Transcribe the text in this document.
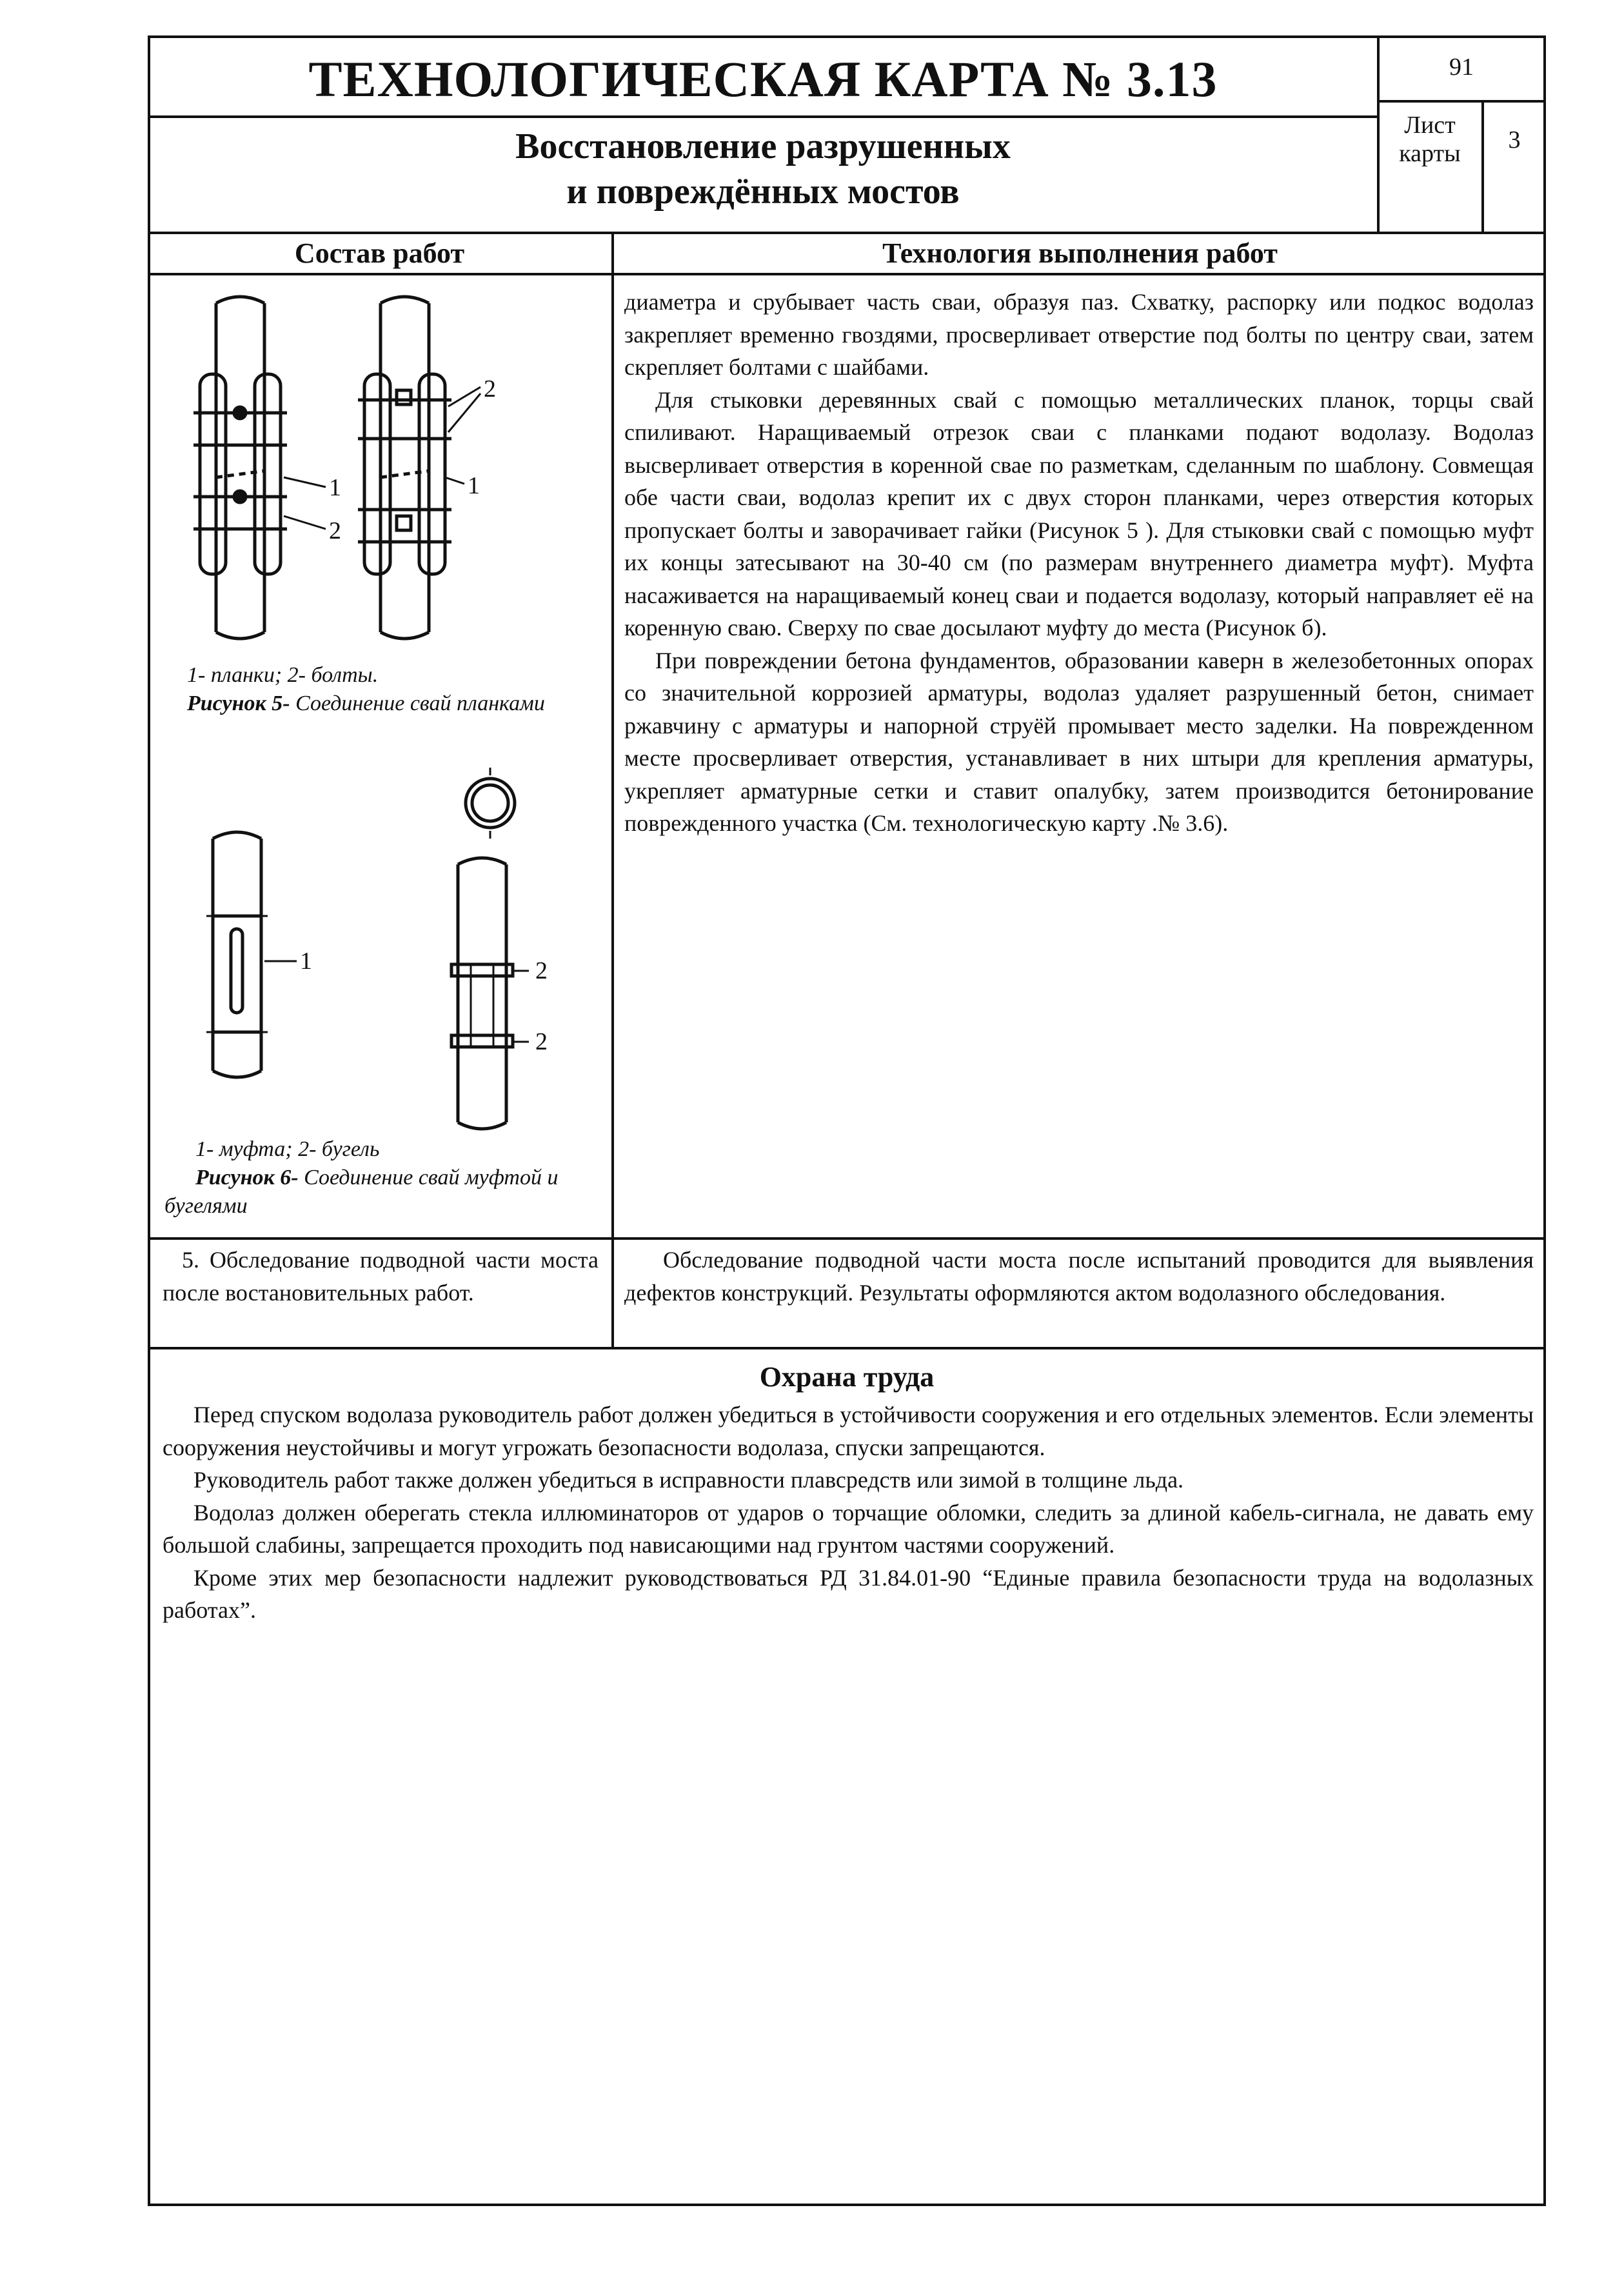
ТЕХНОЛОГИЧЕСКАЯ КАРТА № 3.13	91
Восстановление разрушенных
и повреждённых мостов
Лист
карты	3
Состав работ	Технология выполнения работ
1
2
2
1
1- планки; 2- болты.
Рисунок 5- Соединение свай планками
1	2
2
1- муфта; 2- бугель
Рисунок 6- Соединение свай муфтой и бугелями

диаметра и срубывает часть сваи, образуя паз. Схватку, распорку или подкос водолаз закрепляет временно гвоздями, просверливает отверстие под болты по центру сваи, затем скрепляет болтами с шайбами.

Для стыковки деревянных свай с помощью металлических планок, торцы свай спиливают. Наращиваемый отрезок сваи с планками подают водолазу. Водолаз высверливает отверстия в коренной свае по разметкам, сделанным по шаблону. Совмещая обе части сваи, водолаз крепит их с двух сторон планками, через отверстия которых пропускает болты и заворачивает гайки (Рисунок 5 ). Для стыковки свай с помощью муфт их концы затесывают на 30-40 см (по размерам внутреннего диаметра муфт). Муфта насаживается на наращиваемый конец сваи и подается водолазу, который направляет её на коренную сваю. Сверху по свае досылают муфту до места (Рисунок б).

При повреждении бетона фундаментов, образовании каверн в железобетонных опорах со значительной коррозией арматуры, водолаз удаляет разрушенный бетон, снимает ржавчину с арматуры и напорной струёй промывает место заделки. На поврежденном месте просверливает отверстия, устанавливает в них штыри для крепления арматуры, укрепляет арматурные сетки и ставит опалубку, затем производится бетонирование поврежденного участка (См. технологическую карту .№ 3.6).

5. Обследование подводной части моста после востановительных работ.
Обследование подводной части моста после испытаний проводится для выявления дефектов конструкций. Результаты оформляются актом водолазного обследования.
Охрана труда

Перед спуском водолаза руководитель работ должен убедиться в устойчивости сооружения и его отдельных элементов. Если элементы сооружения неустойчивы и могут угрожать безопасности водолаза, спуски запрещаются.

Руководитель работ также должен убедиться в исправности плавсредств или зимой в толщине льда.

Водолаз должен оберегать стекла иллюминаторов от ударов о торчащие обломки, следить за длиной кабель-сигнала, не давать ему большой слабины, запрещается проходить под нависающими над грунтом частями сооружений.

Кроме этих мер безопасности надлежит руководствоваться РД 31.84.01-90 “Единые правила безопасности труда на водолазных работах”.
